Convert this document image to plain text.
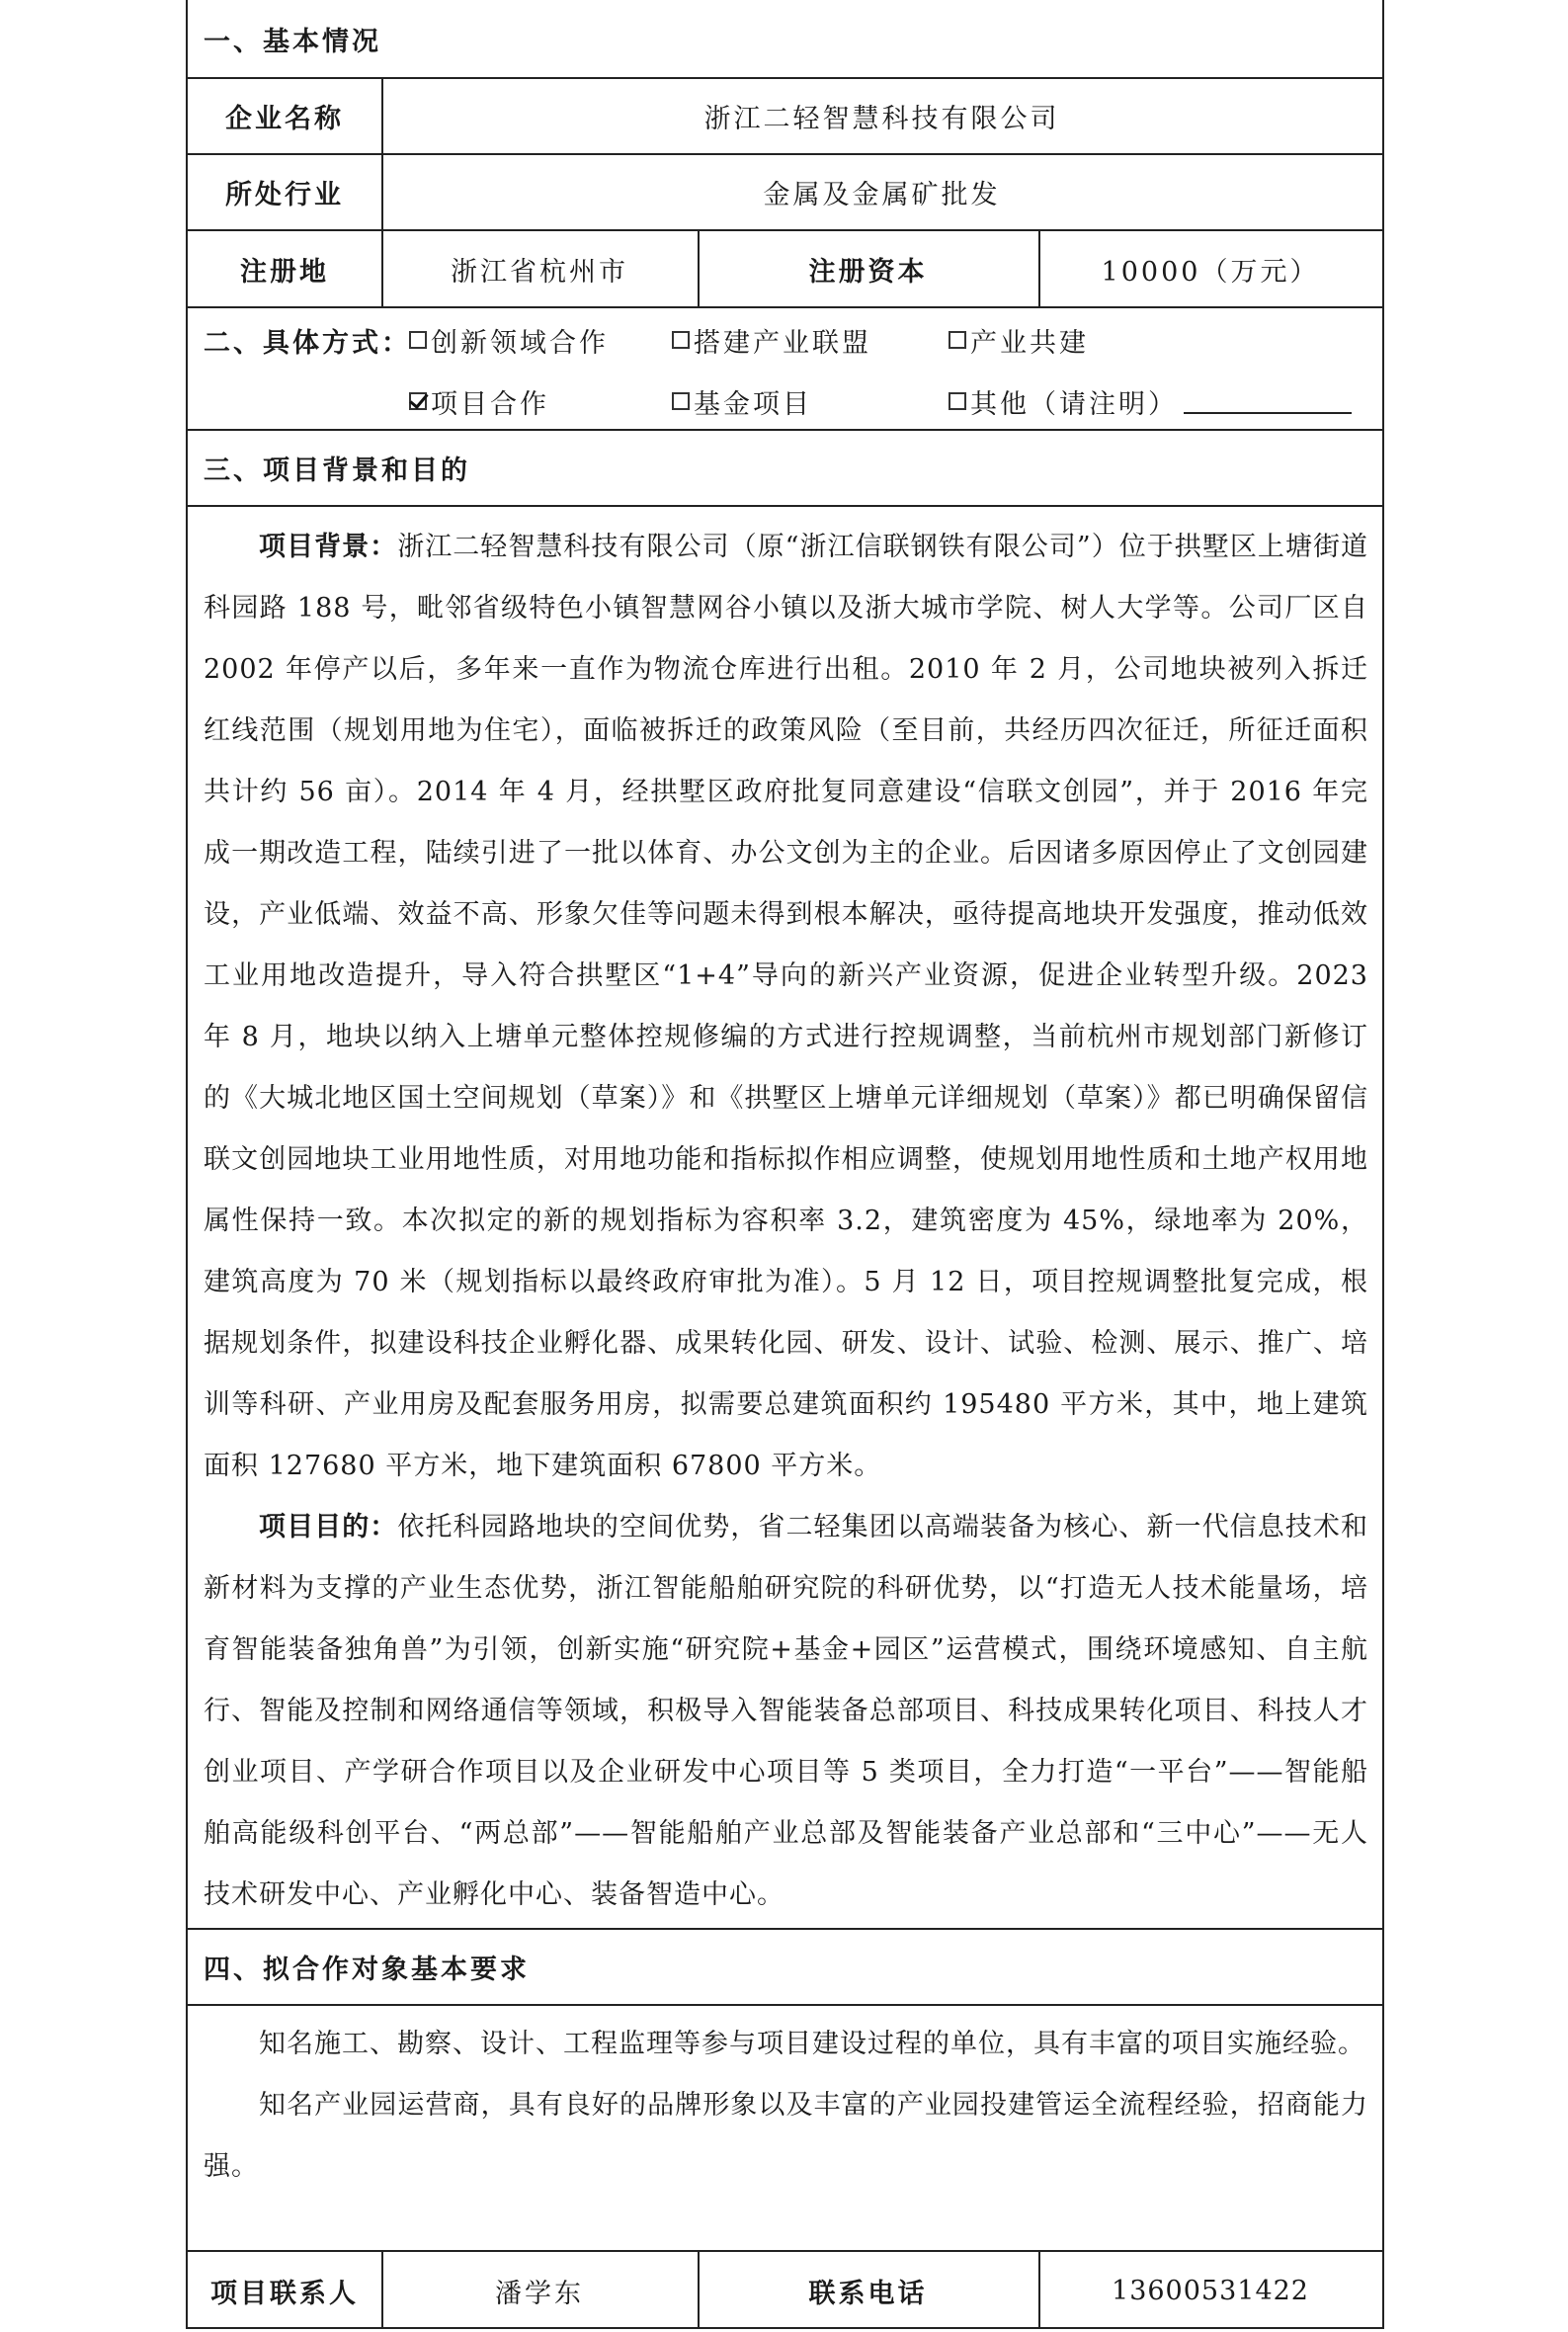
一、基本情况
企业名称	浙江二轻智慧科技有限公司
所处行业	金属及金属矿批发
注册地	浙江省杭州市	注册资本	10000（万元）
二、具体方式： 创新领域合作	搭建产业联盟	产业共建
项目合作	基金项目	其他（请注明）
三、项目背景和目的

项目背景：浙江二轻智慧科技有限公司（原“浙江信联钢铁有限公司”）位于拱墅区上塘街道科园路 188 号，毗邻省级特色小镇智慧网谷小镇以及浙大城市学院、树人大学等。公司厂区自 2002 年停产以后，多年来一直作为物流仓库进行出租。2010 年 2 月，公司地块被列入拆迁红线范围（规划用地为住宅），面临被拆迁的政策风险（至目前，共经历四次征迁，所征迁面积共计约 56 亩）。2014 年 4 月，经拱墅区政府批复同意建设“信联文创园”，并于 2016 年完成一期改造工程，陆续引进了一批以体育、办公文创为主的企业。后因诸多原因停止了文创园建设，产业低端、效益不高、形象欠佳等问题未得到根本解决，亟待提高地块开发强度，推动低效工业用地改造提升，导入符合拱墅区“1+4”导向的新兴产业资源，促进企业转型升级。2023 年 8 月，地块以纳入上塘单元整体控规修编的方式进行控规调整，当前杭州市规划部门新修订的《大城北地区国土空间规划（草案）》和《拱墅区上塘单元详细规划（草案）》都已明确保留信联文创园地块工业用地性质，对用地功能和指标拟作相应调整，使规划用地性质和土地产权用地属性保持一致。本次拟定的新的规划指标为容积率 3.2，建筑密度为 45%，绿地率为 20%，建筑高度为 70 米（规划指标以最终政府审批为准）。5 月 12 日，项目控规调整批复完成，根据规划条件，拟建设科技企业孵化器、成果转化园、研发、设计、试验、检测、展示、推广、培训等科研、产业用房及配套服务用房，拟需要总建筑面积约 195480 平方米，其中，地上建筑面积 127680 平方米，地下建筑面积 67800 平方米。

项目目的：依托科园路地块的空间优势，省二轻集团以高端装备为核心、新一代信息技术和新材料为支撑的产业生态优势，浙江智能船舶研究院的科研优势，以“打造无人技术能量场，培育智能装备独角兽”为引领，创新实施“研究院+基金+园区”运营模式，围绕环境感知、自主航行、智能及控制和网络通信等领域，积极导入智能装备总部项目、科技成果转化项目、科技人才创业项目、产学研合作项目以及企业研发中心项目等 5 类项目，全力打造“一平台”——智能船舶高能级科创平台、“两总部”——智能船舶产业总部及智能装备产业总部和“三中心”——无人技术研发中心、产业孵化中心、装备智造中心。

四、拟合作对象基本要求

知名施工、勘察、设计、工程监理等参与项目建设过程的单位，具有丰富的项目实施经验。

知名产业园运营商，具有良好的品牌形象以及丰富的产业园投建管运全流程经验，招商能力强。

项目联系人	潘学东	联系电话	13600531422
